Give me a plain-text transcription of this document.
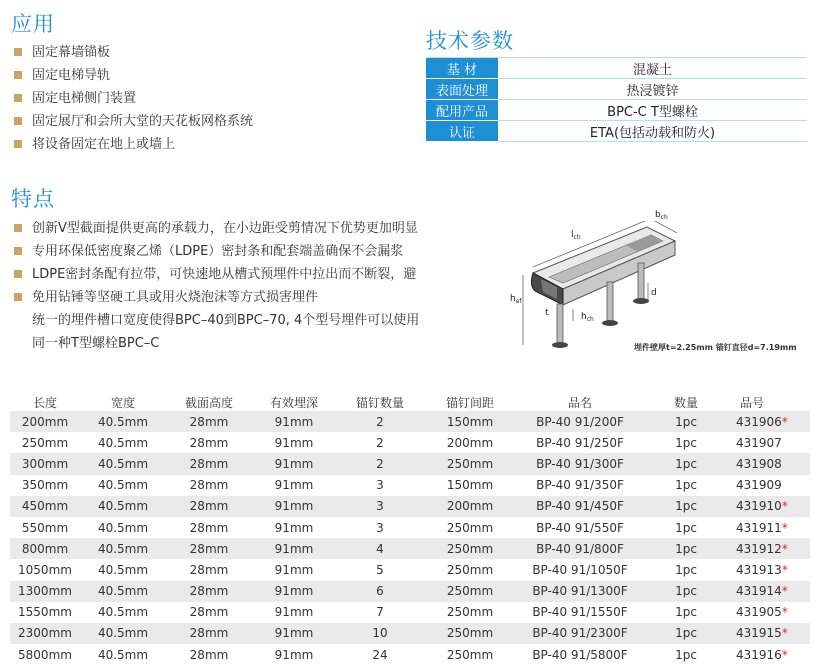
应用
固定幕墙锚板
固定电梯导轨
固定电梯侧门装置
固定展厅和会所大堂的天花板网格系统
将设备固定在地上或墙上
技术参数
基 材	混凝土
表面处理	热浸镀锌
配用产品	BPC-C T型螺栓
认证	ETA(包括动载和防火)
特点
创新V型截面提供更高的承载力，在小边距受剪情况下优势更加明显
专用环保低密度聚乙烯（LDPE）密封条和配套端盖确保不会漏浆
LDPE密封条配有拉带，可快速地从槽式预埋件中拉出而不断裂，避
免用钻锤等坚硬工具或用火烧泡沫等方式损害埋件
统一的埋件槽口宽度使得BPC–40到BPC–70, 4个型号埋件可以使用
同一种T型螺栓BPC–C
$b_{ch}$
$l_{ch}$
$h_{ef}$
$h_{ch}$
t
d
埋件壁厚t=2.25mm 锚钉直径d=7.19mm
长度	宽度	截面高度	有效埋深	锚钉数量	锚钉间距	品名	数量	品号
200mm	40.5mm	28mm	91mm	2	150mm	BP-40 91/200F	1pc	431906*
250mm	40.5mm	28mm	91mm	2	200mm	BP-40 91/250F	1pc	431907
300mm	40.5mm	28mm	91mm	2	250mm	BP-40 91/300F	1pc	431908
350mm	40.5mm	28mm	91mm	3	150mm	BP-40 91/350F	1pc	431909
450mm	40.5mm	28mm	91mm	3	200mm	BP-40 91/450F	1pc	431910*
550mm	40.5mm	28mm	91mm	3	250mm	BP-40 91/550F	1pc	431911*
800mm	40.5mm	28mm	91mm	4	250mm	BP-40 91/800F	1pc	431912*
1050mm	40.5mm	28mm	91mm	5	250mm	BP-40 91/1050F	1pc	431913*
1300mm	40.5mm	28mm	91mm	6	250mm	BP-40 91/1300F	1pc	431914*
1550mm	40.5mm	28mm	91mm	7	250mm	BP-40 91/1550F	1pc	431905*
2300mm	40.5mm	28mm	91mm	10	250mm	BP-40 91/2300F	1pc	431915*
5800mm	40.5mm	28mm	91mm	24	250mm	BP-40 91/5800F	1pc	431916*
